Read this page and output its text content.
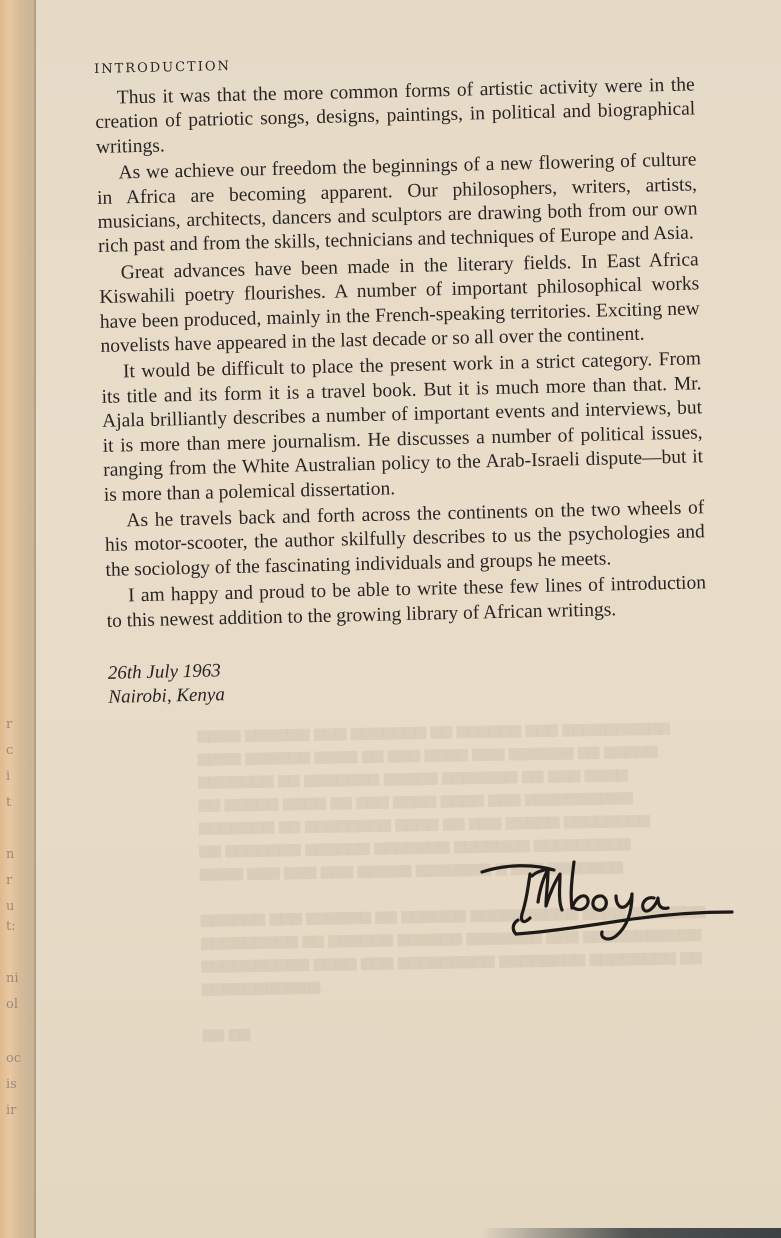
r
c
i
t
n
r
u
t:
ni
ol
oc
is
ir

INTRODUCTION

Thus it was that the more common forms of artistic activity were in the creation of patriotic songs, designs, paintings, in political and biographical writings.

As we achieve our freedom the beginnings of a new flowering of culture in Africa are becoming apparent. Our philosophers, writers, artists, musicians, architects, dancers and sculptors are drawing both from our own rich past and from the skills, technicians and techniques of Europe and Asia.

Great advances have been made in the literary fields. In East Africa Kiswahili poetry flourishes. A number of important philosophical works have been produced, mainly in the French-speaking territories. Exciting new novelists have appeared in the last decade or so all over the continent.

It would be difficult to place the present work in a strict category. From its title and its form it is a travel book. But it is much more than that. Mr. Ajala brilliantly describes a number of important events and interviews, but it is more than mere journalism. He discusses a number of political issues, ranging from the White Australian policy to the Arab-Israeli dispute—but it is more than a polemical dissertation.

As he travels back and forth across the continents on the two wheels of his motor-scooter, the author skilfully describes to us the psychologies and the sociology of the fascinating individuals and groups he meets.

I am happy and proud to be able to write these few lines of introduction to this newest addition to the growing library of African writings.

26th July 1963
Nairobi, Kenya
